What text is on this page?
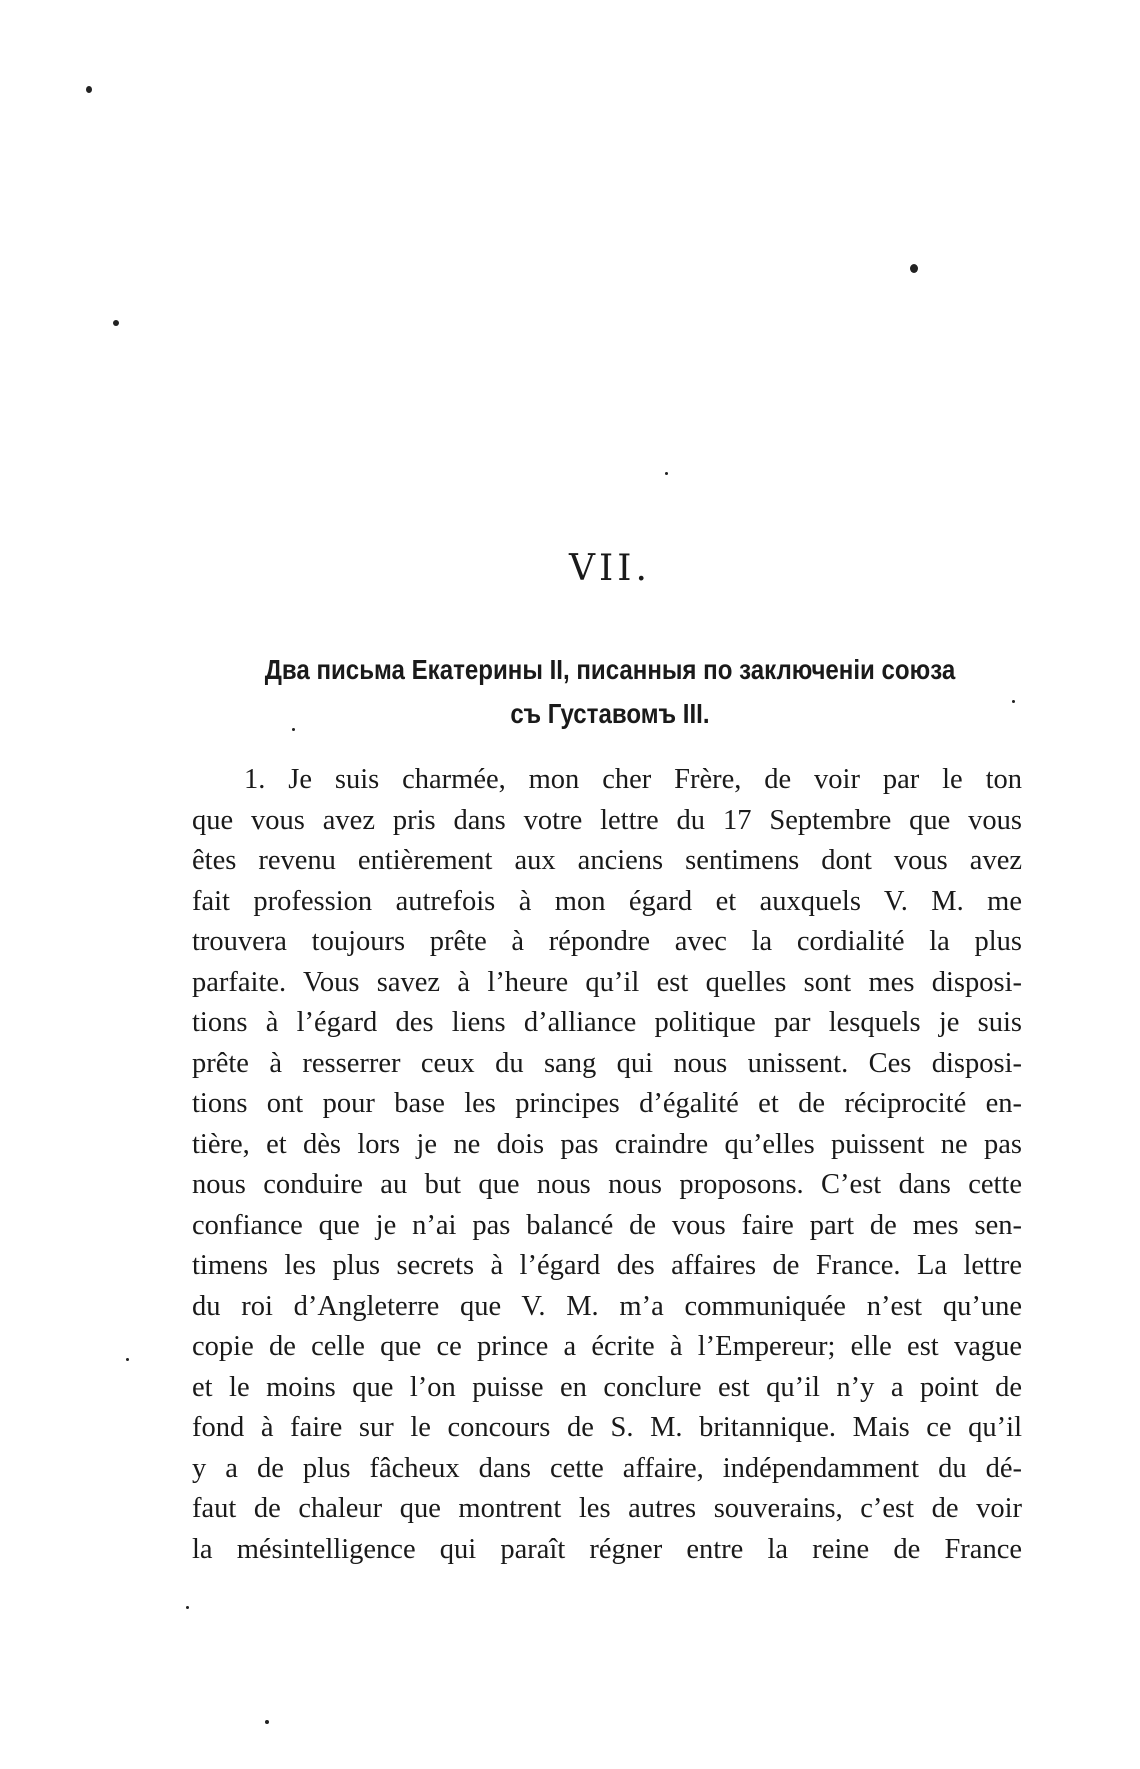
VII.
Два письма Екатерины II, писанныя по заключенiи союза
съ Густавомъ III.
1. Je suis charmée, mon cher Frère, de voir par le ton
que vous avez pris dans votre lettre du 17 Septembre que vous
êtes revenu entièrement aux anciens sentimens dont vous avez
fait profession autrefois à mon égard et auxquels V. M. me
trouvera toujours prête à répondre avec la cordialité la plus
parfaite. Vous savez à l’heure qu’il est quelles sont mes disposi-
tions à l’égard des liens d’alliance politique par lesquels je suis
prête à resserrer ceux du sang qui nous unissent. Ces disposi-
tions ont pour base les principes d’égalité et de réciprocité en-
tière, et dès lors je ne dois pas craindre qu’elles puissent ne pas
nous conduire au but que nous nous proposons. C’est dans cette
confiance que je n’ai pas balancé de vous faire part de mes sen-
timens les plus secrets à l’égard des affaires de France. La lettre
du roi d’Angleterre que V. M. m’a communiquée n’est qu’une
copie de celle que ce prince a écrite à l’Empereur; elle est vague
et le moins que l’on puisse en conclure est qu’il n’y a point de
fond à faire sur le concours de S. M. britannique. Mais ce qu’il
y a de plus fâcheux dans cette affaire, indépendamment du dé-
faut de chaleur que montrent les autres souverains, c’est de voir
la mésintelligence qui paraît régner entre la reine de France
